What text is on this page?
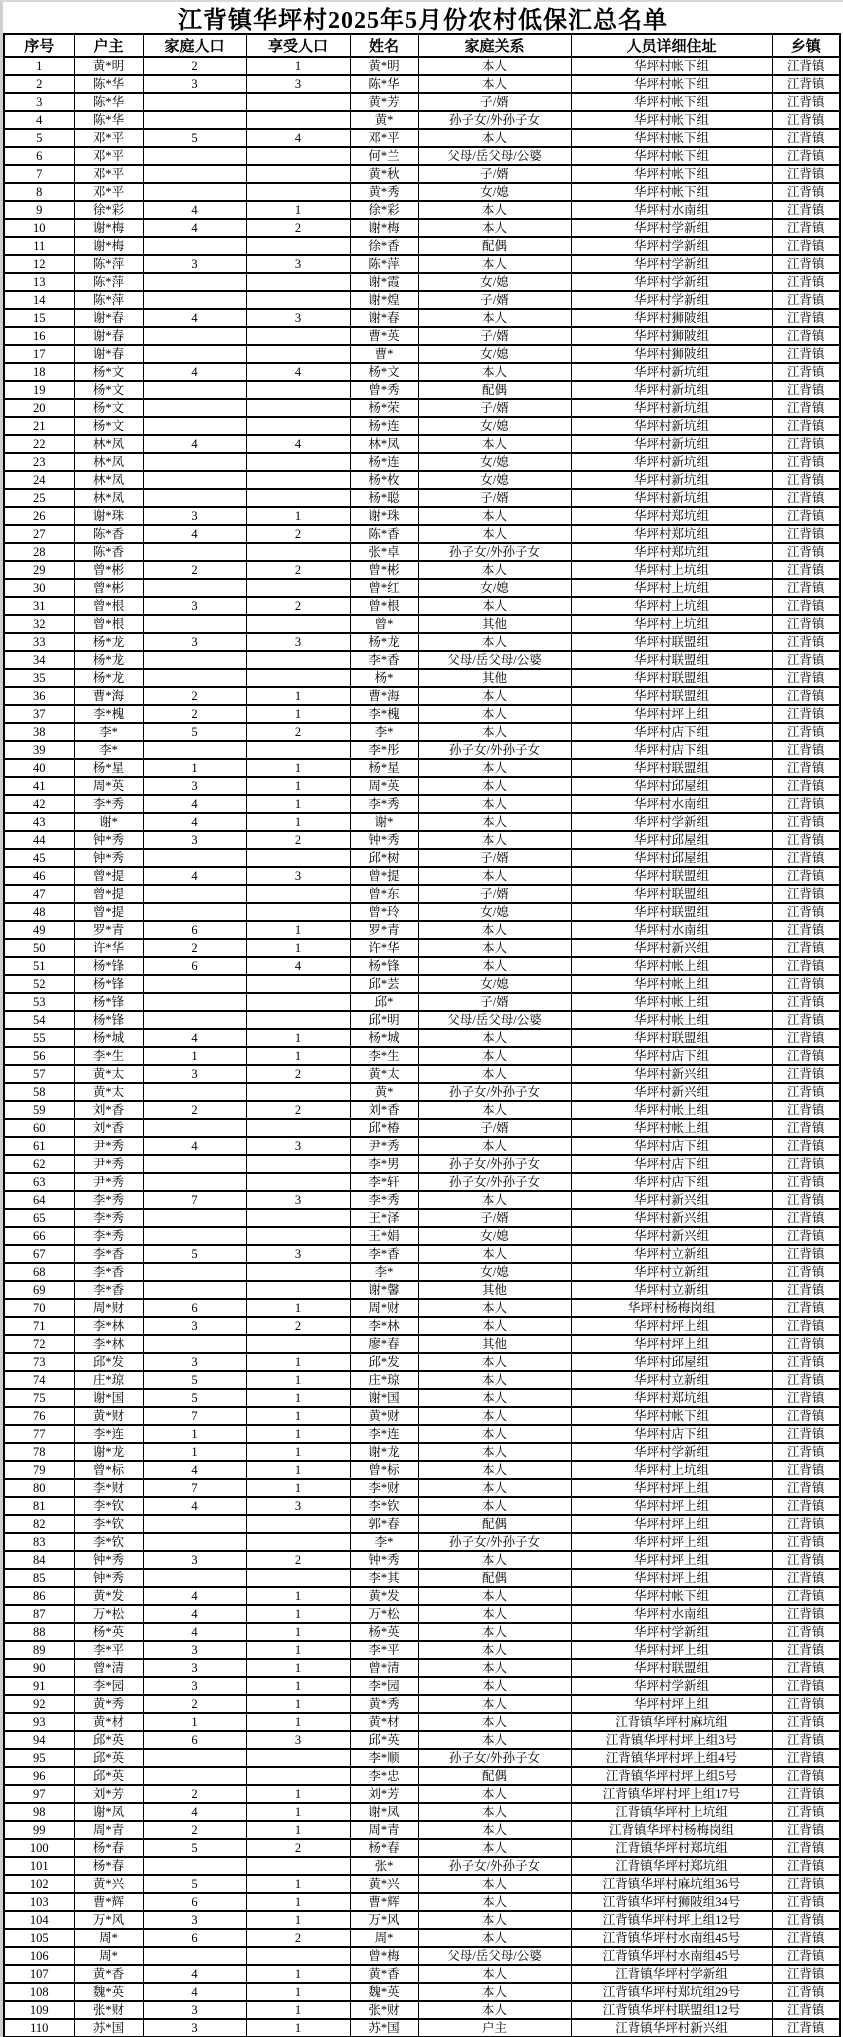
江背镇华坪村2025年5月份农村低保汇总名单
序号	户主	家庭人口	享受人口	姓名	家庭关系	人员详细住址	乡镇
1	黄*明	2	1	黄*明	本人	华坪村帐下组	江背镇
2	陈*华	3	3	陈*华	本人	华坪村帐下组	江背镇
3	陈*华			黄*芳	子/婿	华坪村帐下组	江背镇
4	陈*华			黄*	孙子女/外孙子女	华坪村帐下组	江背镇
5	邓*平	5	4	邓*平	本人	华坪村帐下组	江背镇
6	邓*平			何*兰	父母/岳父母/公婆	华坪村帐下组	江背镇
7	邓*平			黄*秋	子/婿	华坪村帐下组	江背镇
8	邓*平			黄*秀	女/媳	华坪村帐下组	江背镇
9	徐*彩	4	1	徐*彩	本人	华坪村水南组	江背镇
10	谢*梅	4	2	谢*梅	本人	华坪村学新组	江背镇
11	谢*梅			徐*香	配偶	华坪村学新组	江背镇
12	陈*萍	3	3	陈*萍	本人	华坪村学新组	江背镇
13	陈*萍			谢*霞	女/媳	华坪村学新组	江背镇
14	陈*萍			谢*煌	子/婿	华坪村学新组	江背镇
15	谢*春	4	3	谢*春	本人	华坪村狮陂组	江背镇
16	谢*春			曹*英	子/婿	华坪村狮陂组	江背镇
17	谢*春			曹*	女/媳	华坪村狮陂组	江背镇
18	杨*文	4	4	杨*文	本人	华坪村新坑组	江背镇
19	杨*文			曾*秀	配偶	华坪村新坑组	江背镇
20	杨*文			杨*荣	子/婿	华坪村新坑组	江背镇
21	杨*文			杨*连	女/媳	华坪村新坑组	江背镇
22	林*凤	4	4	林*凤	本人	华坪村新坑组	江背镇
23	林*凤			杨*连	女/媳	华坪村新坑组	江背镇
24	林*凤			杨*枚	女/媳	华坪村新坑组	江背镇
25	林*凤			杨*聪	子/婿	华坪村新坑组	江背镇
26	谢*珠	3	1	谢*珠	本人	华坪村郑坑组	江背镇
27	陈*香	4	2	陈*香	本人	华坪村郑坑组	江背镇
28	陈*香			张*卓	孙子女/外孙子女	华坪村郑坑组	江背镇
29	曾*彬	2	2	曾*彬	本人	华坪村上坑组	江背镇
30	曾*彬			曾*红	女/媳	华坪村上坑组	江背镇
31	曾*根	3	2	曾*根	本人	华坪村上坑组	江背镇
32	曾*根			曾*	其他	华坪村上坑组	江背镇
33	杨*龙	3	3	杨*龙	本人	华坪村联盟组	江背镇
34	杨*龙			李*香	父母/岳父母/公婆	华坪村联盟组	江背镇
35	杨*龙			杨*	其他	华坪村联盟组	江背镇
36	曹*海	2	1	曹*海	本人	华坪村联盟组	江背镇
37	李*槐	2	1	李*槐	本人	华坪村坪上组	江背镇
38	李*	5	2	李*	本人	华坪村店下组	江背镇
39	李*			李*彤	孙子女/外孙子女	华坪村店下组	江背镇
40	杨*星	1	1	杨*星	本人	华坪村联盟组	江背镇
41	周*英	3	1	周*英	本人	华坪村邱屋组	江背镇
42	李*秀	4	1	李*秀	本人	华坪村水南组	江背镇
43	谢*	4	1	谢*	本人	华坪村学新组	江背镇
44	钟*秀	3	2	钟*秀	本人	华坪村邱屋组	江背镇
45	钟*秀			邱*树	子/婿	华坪村邱屋组	江背镇
46	曾*提	4	3	曾*提	本人	华坪村联盟组	江背镇
47	曾*提			曾*东	子/婿	华坪村联盟组	江背镇
48	曾*提			曾*玲	女/媳	华坪村联盟组	江背镇
49	罗*青	6	1	罗*青	本人	华坪村水南组	江背镇
50	许*华	2	1	许*华	本人	华坪村新兴组	江背镇
51	杨*锋	6	4	杨*锋	本人	华坪村帐上组	江背镇
52	杨*锋			邱*芸	女/媳	华坪村帐上组	江背镇
53	杨*锋			邱*	子/婿	华坪村帐上组	江背镇
54	杨*锋			邱*明	父母/岳父母/公婆	华坪村帐上组	江背镇
55	杨*城	4	1	杨*城	本人	华坪村联盟组	江背镇
56	李*生	1	1	李*生	本人	华坪村店下组	江背镇
57	黄*太	3	2	黄*太	本人	华坪村新兴组	江背镇
58	黄*太			黄*	孙子女/外孙子女	华坪村新兴组	江背镇
59	刘*香	2	2	刘*香	本人	华坪村帐上组	江背镇
60	刘*香			邱*椿	子/婿	华坪村帐上组	江背镇
61	尹*秀	4	3	尹*秀	本人	华坪村店下组	江背镇
62	尹*秀			李*男	孙子女/外孙子女	华坪村店下组	江背镇
63	尹*秀			李*轩	孙子女/外孙子女	华坪村店下组	江背镇
64	李*秀	7	3	李*秀	本人	华坪村新兴组	江背镇
65	李*秀			王*泽	子/婿	华坪村新兴组	江背镇
66	李*秀			王*娟	女/媳	华坪村新兴组	江背镇
67	李*香	5	3	李*香	本人	华坪村立新组	江背镇
68	李*香			李*	女/媳	华坪村立新组	江背镇
69	李*香			谢*馨	其他	华坪村立新组	江背镇
70	周*财	6	1	周*财	本人	华坪村杨梅岗组	江背镇
71	李*林	3	2	李*林	本人	华坪村坪上组	江背镇
72	李*林			廖*春	其他	华坪村坪上组	江背镇
73	邱*发	3	1	邱*发	本人	华坪村邱屋组	江背镇
74	庄*琼	5	1	庄*琼	本人	华坪村立新组	江背镇
75	谢*国	5	1	谢*国	本人	华坪村郑坑组	江背镇
76	黄*财	7	1	黄*财	本人	华坪村帐下组	江背镇
77	李*连	1	1	李*连	本人	华坪村店下组	江背镇
78	谢*龙	1	1	谢*龙	本人	华坪村学新组	江背镇
79	曾*标	4	1	曾*标	本人	华坪村上坑组	江背镇
80	李*财	7	1	李*财	本人	华坪村坪上组	江背镇
81	李*钦	4	3	李*钦	本人	华坪村坪上组	江背镇
82	李*钦			郭*春	配偶	华坪村坪上组	江背镇
83	李*钦			李*	孙子女/外孙子女	华坪村坪上组	江背镇
84	钟*秀	3	2	钟*秀	本人	华坪村坪上组	江背镇
85	钟*秀			李*其	配偶	华坪村坪上组	江背镇
86	黄*发	4	1	黄*发	本人	华坪村帐下组	江背镇
87	万*松	4	1	万*松	本人	华坪村水南组	江背镇
88	杨*英	4	1	杨*英	本人	华坪村学新组	江背镇
89	李*平	3	1	李*平	本人	华坪村坪上组	江背镇
90	曾*清	3	1	曾*清	本人	华坪村联盟组	江背镇
91	李*园	3	1	李*园	本人	华坪村学新组	江背镇
92	黄*秀	2	1	黄*秀	本人	华坪村坪上组	江背镇
93	黄*材	1	1	黄*材	本人	江背镇华坪村麻坑组	江背镇
94	邱*英	6	3	邱*英	本人	江背镇华坪村坪上组3号	江背镇
95	邱*英			李*顺	孙子女/外孙子女	江背镇华坪村坪上组4号	江背镇
96	邱*英			李*忠	配偶	江背镇华坪村坪上组5号	江背镇
97	刘*芳	2	1	刘*芳	本人	江背镇华坪村坪上组17号	江背镇
98	谢*凤	4	1	谢*凤	本人	江背镇华坪村上坑组	江背镇
99	周*青	2	1	周*青	本人	江背镇华坪村杨梅岗组	江背镇
100	杨*春	5	2	杨*春	本人	江背镇华坪村郑坑组	江背镇
101	杨*春			张*	孙子女/外孙子女	江背镇华坪村郑坑组	江背镇
102	黄*兴	5	1	黄*兴	本人	江背镇华坪村麻坑组36号	江背镇
103	曹*辉	6	1	曹*辉	本人	江背镇华坪村狮陂组34号	江背镇
104	万*风	3	1	万*风	本人	江背镇华坪村坪上组12号	江背镇
105	周*	6	2	周*	本人	江背镇华坪村水南组45号	江背镇
106	周*			曾*梅	父母/岳父母/公婆	江背镇华坪村水南组45号	江背镇
107	黄*香	4	1	黄*香	本人	江背镇华坪村学新组	江背镇
108	魏*英	4	1	魏*英	本人	江背镇华坪村郑坑组29号	江背镇
109	张*财	3	1	张*财	本人	江背镇华坪村联盟组12号	江背镇
110	苏*国	3	1	苏*国	户主	江背镇华坪村新兴组	江背镇
